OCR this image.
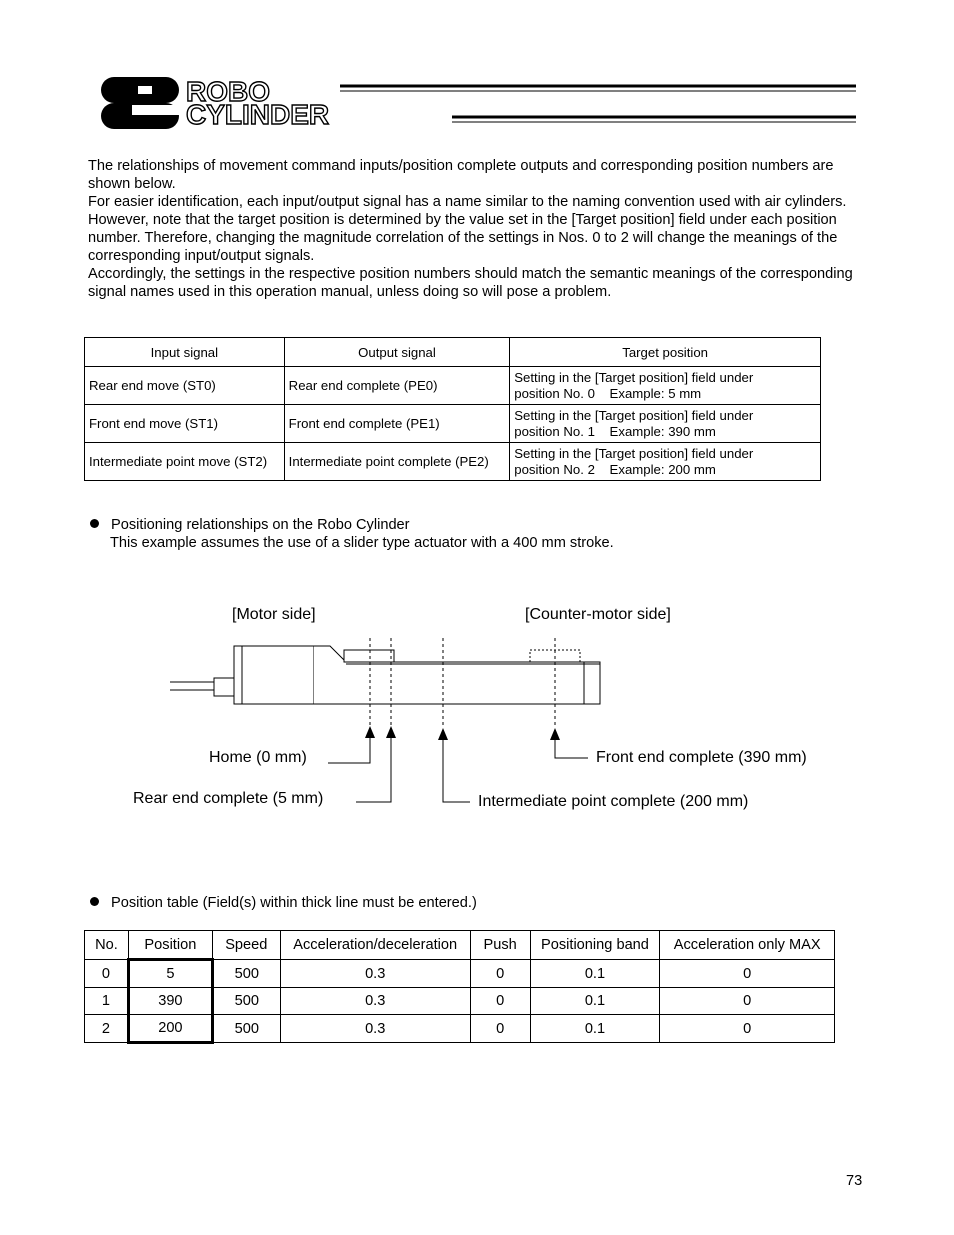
ROBO
CYLINDER

The relationships of movement command inputs/position complete outputs and corresponding position numbers are shown below.

For easier identification, each input/output signal has a name similar to the naming convention used with air cylinders.

However, note that the target position is determined by the value set in the [Target position] field under each position number. Therefore, changing the magnitude correlation of the settings in Nos. 0 to 2 will change the meanings of the corresponding input/output signals.

Accordingly, the settings in the respective position numbers should match the semantic meanings of the corresponding signal names used in this operation manual, unless doing so will pose a problem.

Input signal	Output signal	Target position
Rear end move (ST0)	Rear end complete (PE0)	Setting in the [Target position] field under
position No. 0    Example: 5 mm
Front end move (ST1)	Front end complete (PE1)	Setting in the [Target position] field under
position No. 1    Example: 390 mm
Intermediate point move (ST2)	Intermediate point complete (PE2)	Setting in the [Target position] field under
position No. 2    Example: 200 mm
Positioning relationships on the Robo Cylinder
This example assumes the use of a slider type actuator with a 400 mm stroke.
[Motor side]	[Counter-motor side]
Home (0 mm)
Rear end complete (5 mm)	Intermediate point complete (200 mm)
Front end complete (390 mm)
Position table (Field(s) within thick line must be entered.)
No.	Position	Speed	Acceleration/deceleration	Push	Positioning band	Acceleration only MAX
0	5	500	0.3	0	0.1	0
1	390	500	0.3	0	0.1	0
2	200	500	0.3	0	0.1	0
73
